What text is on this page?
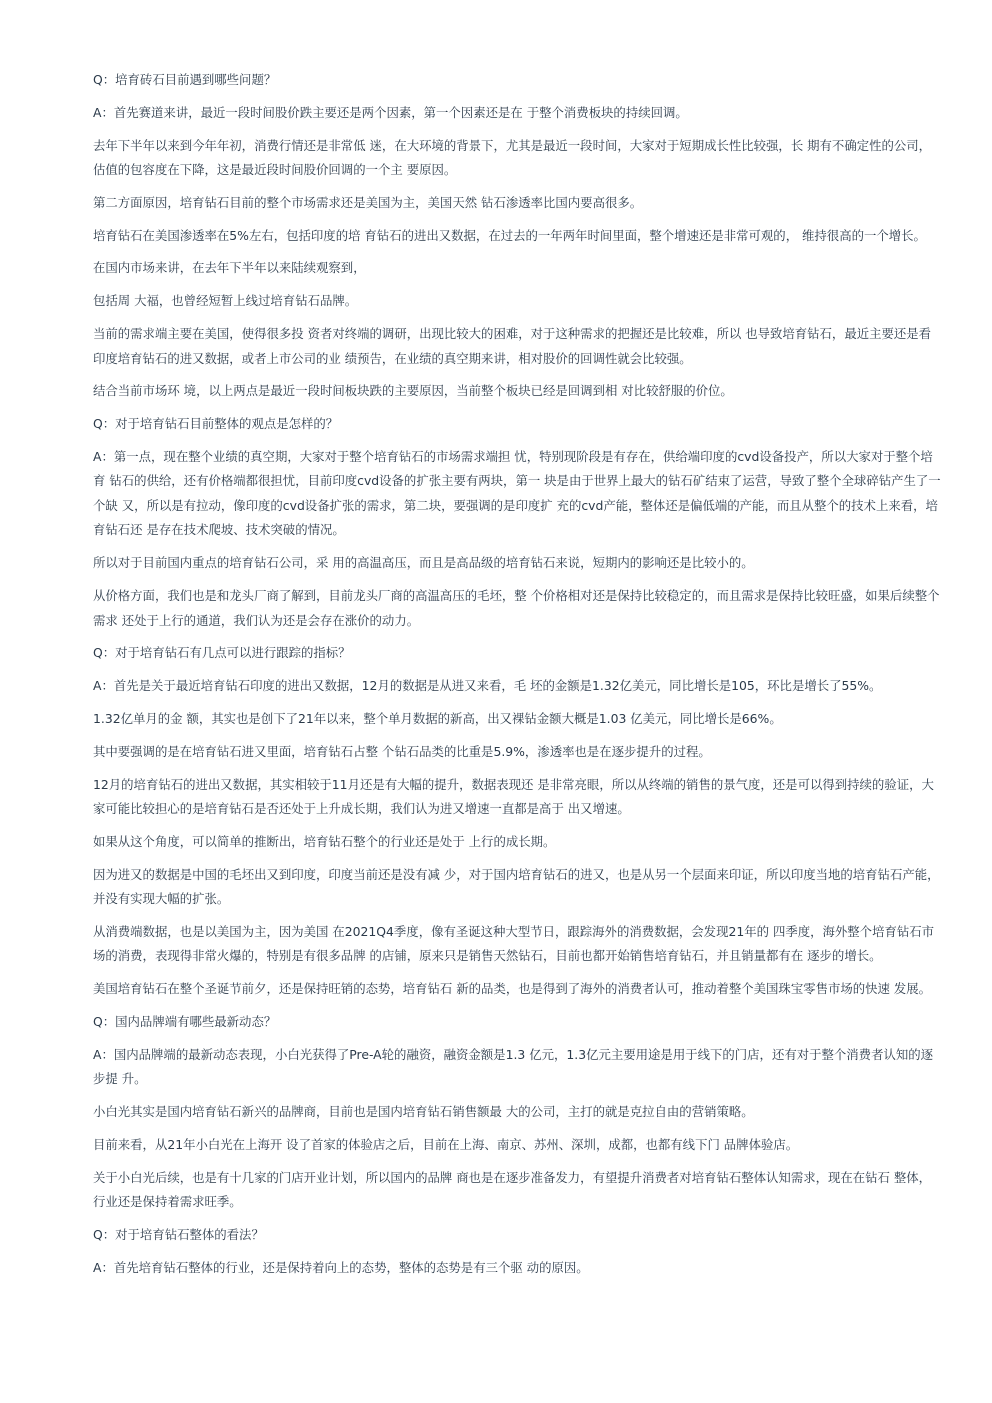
Q：培育砖石目前遇到哪些问题？

A：首先赛道来讲，最近一段时间股价跌主要还是两个因素，第一个因素还是在 于整个消费板块的持续回调。

去年下半年以来到今年年初，消费行情还是非常低 迷，在大环境的背景下，尤其是最近一段时间，大家对于短期成长性比较强，长 期有不确定性的公司，估值的包容度在下降，这是最近段时间股价回调的一个主 要原因。

第二方面原因，培育钻石目前的整个市场需求还是美国为主，美国天然 钻石渗透率比国内要高很多。

培育钻石在美国渗透率在5%左右，包括印度的培 育钻石的进出又数据，在过去的一年两年时间里面，整个增速还是非常可观的， 维持很高的一个增长。

在国内市场来讲，在去年下半年以来陆续观察到，

包括周 大福，也曾经短暂上线过培育钻石品牌。

当前的需求端主要在美国，使得很多投 资者对终端的调研，出现比较大的困难，对于这种需求的把握还是比较难，所以 也导致培育钻石，最近主要还是看印度培育钻石的进又数据，或者上市公司的业 绩预告，在业绩的真空期来讲，相对股价的回调性就会比较强。

结合当前市场环 境，以上两点是最近一段时间板块跌的主要原因，当前整个板块已经是回调到相 对比较舒服的价位。

Q：对于培育钻石目前整体的观点是怎样的？

A：第一点，现在整个业绩的真空期，大家对于整个培育钻石的市场需求端担 忧，特别现阶段是有存在，供给端印度的cvd设备投产，所以大家对于整个培育 钻石的供给，还有价格端都很担忧，目前印度cvd设备的扩张主要有两块，第一 块是由于世界上最大的钻石矿结束了运营，导致了整个全球碎钻产生了一个缺 又，所以是有拉动，像印度的cvd设备扩张的需求，第二块，要强调的是印度扩 充的cvd产能，整体还是偏低端的产能，而且从整个的技术上来看，培育钻石还 是存在技术爬坡、技术突破的情况。

所以对于目前国内重点的培育钻石公司，采 用的高温高压，而且是高品级的培育钻石来说，短期内的影响还是比较小的。

从价格方面，我们也是和龙头厂商了解到，目前龙头厂商的高温高压的毛坯，整 个价格相对还是保持比较稳定的，而且需求是保持比较旺盛，如果后续整个需求 还处于上行的通道，我们认为还是会存在涨价的动力。

Q：对于培育钻石有几点可以进行跟踪的指标？

A：首先是关于最近培育钻石印度的进出又数据，12月的数据是从进又来看，毛 坯的金额是1.32亿美元，同比增长是105，环比是增长了55%。

1.32亿单月的金 额，其实也是创下了21年以来，整个单月数据的新高，出又裸钻金额大概是1.03 亿美元，同比增长是66%。

其中要强调的是在培育钻石进又里面，培育钻石占整 个钻石品类的比重是5.9%，渗透率也是在逐步提升的过程。

12月的培育钻石的进出又数据，其实相较于11月还是有大幅的提升，数据表现还 是非常亮眼，所以从终端的销售的景气度，还是可以得到持续的验证，大家可能比较担心的是培育钻石是否还处于上升成长期，我们认为进又增速一直都是高于 出又增速。

如果从这个角度，可以简单的推断出，培育钻石整个的行业还是处于 上行的成长期。

因为进又的数据是中国的毛坯出又到印度，印度当前还是没有减 少，对于国内培育钻石的进又，也是从另一个层面来印证，所以印度当地的培育钻石产能，并没有实现大幅的扩张。

从消费端数据，也是以美国为主，因为美国 在2021Q4季度，像有圣诞这种大型节日，跟踪海外的消费数据，会发现21年的 四季度，海外整个培育钻石市场的消费，表现得非常火爆的，特别是有很多品牌 的店铺，原来只是销售天然钻石，目前也都开始销售培育钻石，并且销量都有在 逐步的增长。

美国培育钻石在整个圣诞节前夕，还是保持旺销的态势，培育钻石 新的品类，也是得到了海外的消费者认可，推动着整个美国珠宝零售市场的快速 发展。

Q：国内品牌端有哪些最新动态？

A：国内品牌端的最新动态表现，小白光获得了Pre-A轮的融资，融资金额是1.3 亿元，1.3亿元主要用途是用于线下的门店，还有对于整个消费者认知的逐步提 升。

小白光其实是国内培育钻石新兴的品牌商，目前也是国内培育钻石销售额最 大的公司，主打的就是克拉自由的营销策略。

目前来看，从21年小白光在上海开 设了首家的体验店之后，目前在上海、南京、苏州、深圳，成都，也都有线下门 品牌体验店。

关于小白光后续，也是有十几家的门店开业计划，所以国内的品牌 商也是在逐步准备发力，有望提升消费者对培育钻石整体认知需求，现在在钻石 整体，行业还是保持着需求旺季。

Q：对于培育钻石整体的看法？

A：首先培育钻石整体的行业，还是保持着向上的态势，整体的态势是有三个驱 动的原因。
